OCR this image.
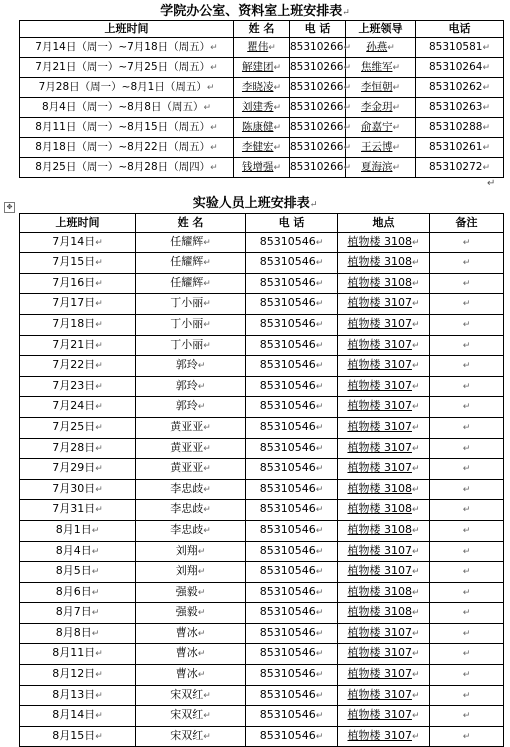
学院办公室、资料室上班安排表↵
上班时间	姓 名	电 话	上班领导	电话
7月14日（周一）~7月18日（周五）↵	瞿伟↵	85310266↵	孙燕↵	85310581↵
7月21日（周一）~7月25日（周五）↵	解建团↵	85310266↵	焦维军↵	85310264↵
7月28日（周一）~8月1日（周五）↵	李晓凌↵	85310266↵	李恒朝↵	85310262↵
8月4日（周一）~8月8日（周五）↵	刘建秀↵	85310266↵	李金玥↵	85310263↵
8月11日（周一）~8月15日（周五）↵	陈康健↵	85310266↵	俞嘉宁↵	85310288↵
8月18日（周一）~8月22日（周五）↵	李健宏↵	85310266↵	王云博↵	85310261↵
8月25日（周一）~8月28日（周四）↵	钱增强↵	85310266↵	夏海滨↵	85310272↵
↵
✥	实验人员上班安排表↵
上班时间	姓 名	电 话	地点	备注
7月14日↵	任耀辉↵	85310546↵	植物楼 3108↵	↵
7月15日↵	任耀辉↵	85310546↵	植物楼 3108↵	↵
7月16日↵	任耀辉↵	85310546↵	植物楼 3108↵	↵
7月17日↵	丁小丽↵	85310546↵	植物楼 3107↵	↵
7月18日↵	丁小丽↵	85310546↵	植物楼 3107↵	↵
7月21日↵	丁小丽↵	85310546↵	植物楼 3107↵	↵
7月22日↵	郭玲↵	85310546↵	植物楼 3107↵	↵
7月23日↵	郭玲↵	85310546↵	植物楼 3107↵	↵
7月24日↵	郭玲↵	85310546↵	植物楼 3107↵	↵
7月25日↵	黄亚亚↵	85310546↵	植物楼 3107↵	↵
7月28日↵	黄亚亚↵	85310546↵	植物楼 3107↵	↵
7月29日↵	黄亚亚↵	85310546↵	植物楼 3107↵	↵
7月30日↵	李忠歧↵	85310546↵	植物楼 3108↵	↵
7月31日↵	李忠歧↵	85310546↵	植物楼 3108↵	↵
8月1日↵	李忠歧↵	85310546↵	植物楼 3108↵	↵
8月4日↵	刘翔↵	85310546↵	植物楼 3107↵	↵
8月5日↵	刘翔↵	85310546↵	植物楼 3107↵	↵
8月6日↵	强毅↵	85310546↵	植物楼 3108↵	↵
8月7日↵	强毅↵	85310546↵	植物楼 3108↵	↵
8月8日↵	曹冰↵	85310546↵	植物楼 3107↵	↵
8月11日↵	曹冰↵	85310546↵	植物楼 3107↵	↵
8月12日↵	曹冰↵	85310546↵	植物楼 3107↵	↵
8月13日↵	宋双红↵	85310546↵	植物楼 3107↵	↵
8月14日↵	宋双红↵	85310546↵	植物楼 3107↵	↵
8月15日↵	宋双红↵	85310546↵	植物楼 3107↵	↵
